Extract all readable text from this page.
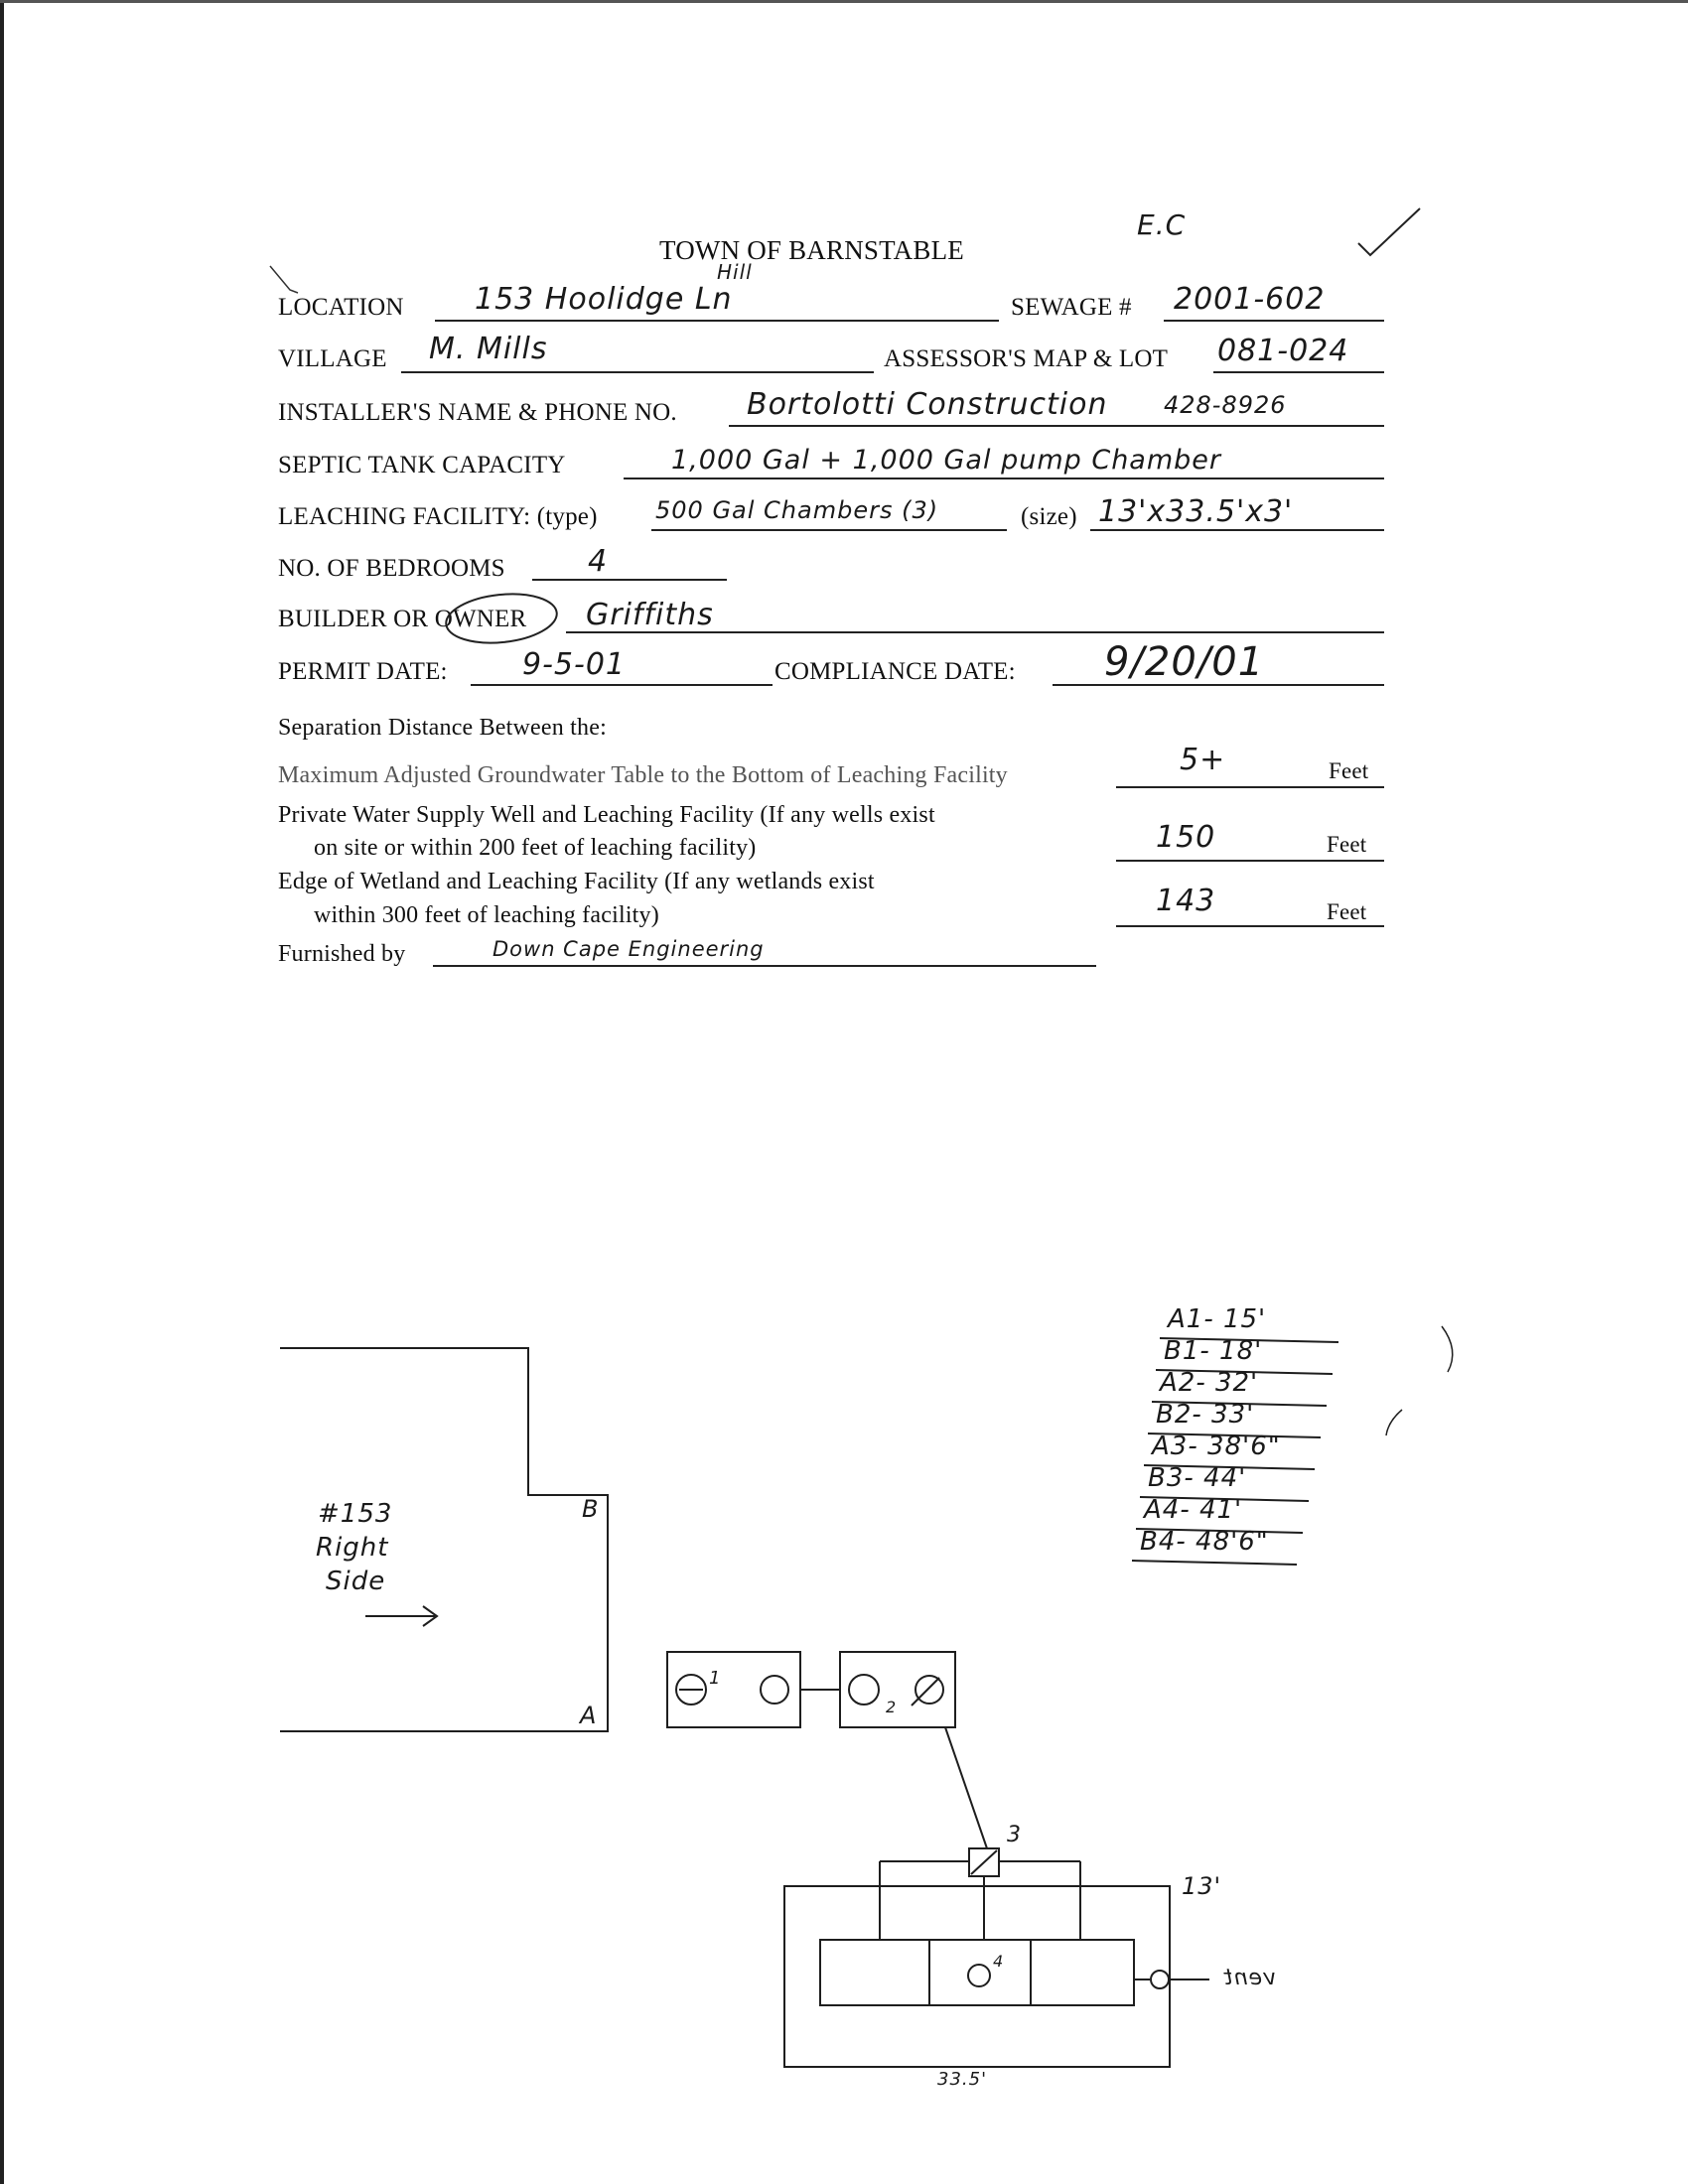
TOWN OF BARNSTABLE
E.C
LOCATION 153 Hoolidge Ln
Hill
SEWAGE # 2001-602
VILLAGE M. Mills	ASSESSOR'S MAP & LOT 081-024
INSTALLER'S NAME & PHONE NO. Bortolotti Construction 428-8926
SEPTIC TANK CAPACITY	1,000 Gal + 1,000 Gal pump Chamber
LEACHING FACILITY: (type) 500 Gal Chambers (3)	(size) 13'x33.5'x3'
NO. OF BEDROOMS	4
BUILDER OR OWNER Griffiths
PERMIT DATE:	9-5-01	COMPLIANCE DATE: 9/20/01
Separation Distance Between the:
Maximum Adjusted Groundwater Table to the Bottom of Leaching Facility	5+	Feet
Private Water Supply Well and Leaching Facility (If any wells exist
on site or within 200 feet of leaching facility)	150	Feet
Edge of Wetland and Leaching Facility (If any wetlands exist
within 300 feet of leaching facility)	143	Feet
Furnished by	Down Cape Engineering
#153
Right
Side
B
A
1
2
3
4
13'
33.5'
vent
A1- 15'
B1- 18'
A2- 32'
B2- 33'
A3- 38'6"
B3- 44'
A4- 41'
B4- 48'6"
